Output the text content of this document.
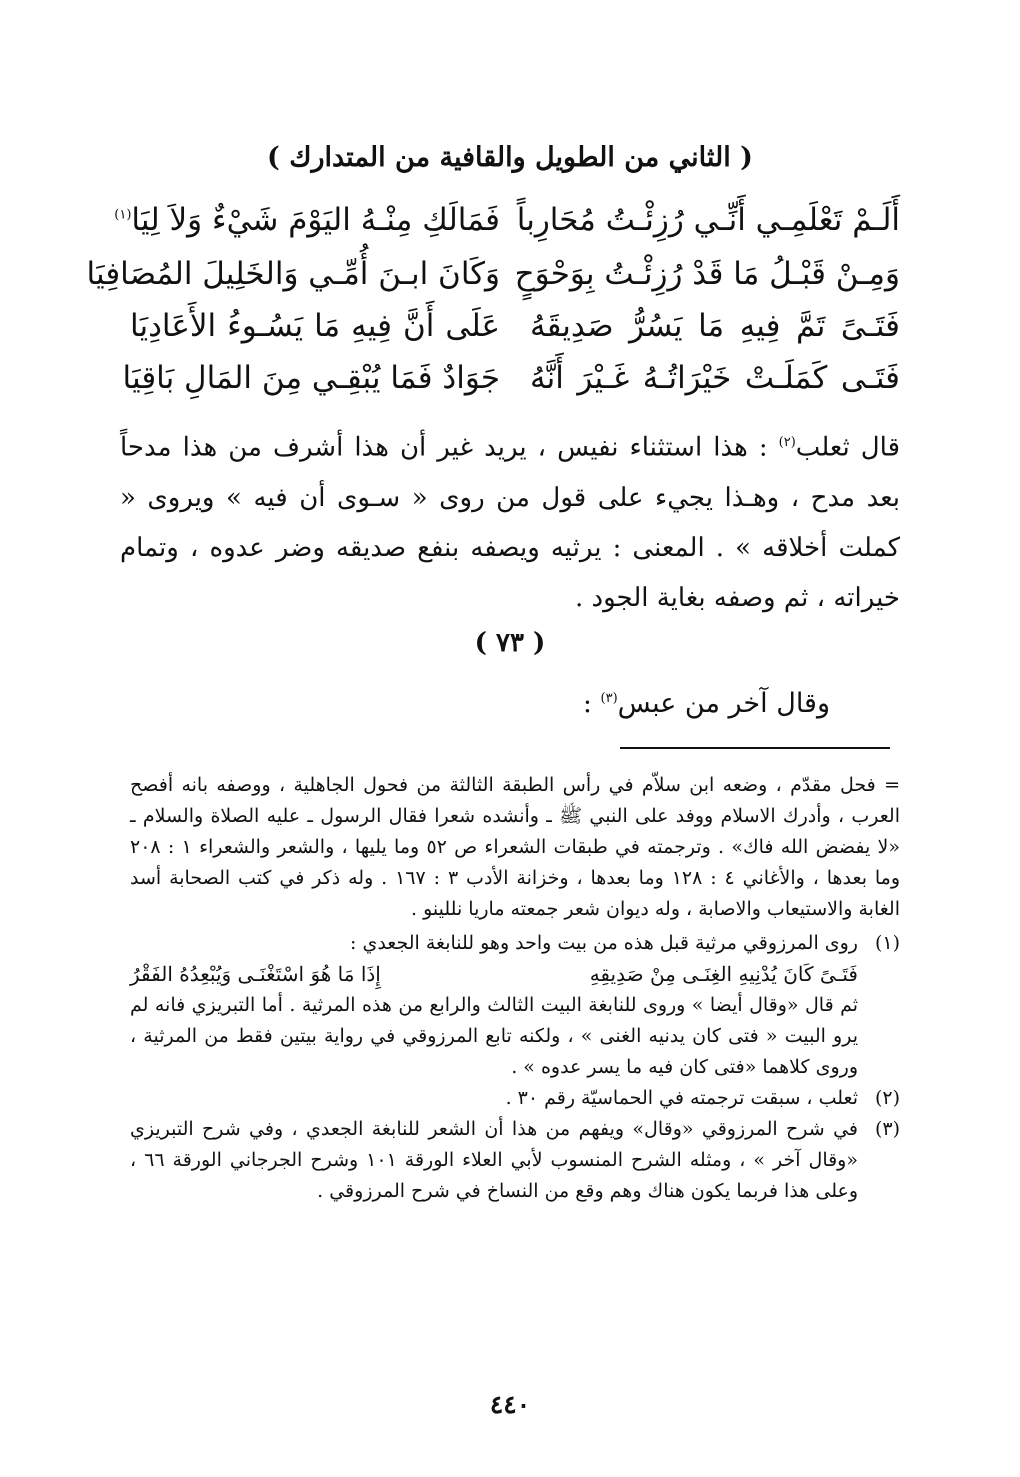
( الثاني من الطويل والقافية من المتدارك )
أَلَـمْ تَعْلَمِـي أَنِّـي رُزِئْـتُ مُحَارِباً
فَمَالَكِ مِنْـهُ اليَوْمَ شَيْءٌ وَلاَ لِيَا$^{(١)}$
وَمِـنْ قَبْـلُ مَا قَدْ رُزِئْـتُ بِوَحْوَحٍ
وَكَانَ ابـنَ أُمِّـي وَالخَلِيلَ المُصَافِيَا
فَتَـىً تَمَّ فِيهِ مَا يَسُرُّ صَدِيقَهُ
عَلَى أَنَّ فِيهِ مَا يَسُـوءُ الأَعَادِيَا
فَتَـى كَمَلَـتْ خَيْرَاتُـهُ غَـيْرَ أَنَّهُ
جَوَادٌ فَمَا يُبْقِـي مِنَ المَالِ بَاقِيَا
قال ثعلب$^{(٢)}$ : هذا استثناء نفيس ، يريد غير أن هذا أشرف من هذا مدحاً بعد مدح ، وهـذا يجيء على قول من روى « سـوى أن فيه » ويروى « كملت أخلاقه » . المعنى : يرثيه ويصفه بنفع صديقه وضر عدوه ، وتمام خيراته ، ثم وصفه بغاية الجود .
( ٧٣ )
وقال آخر من عبس$^{(٣)}$ :
= فحل مقدّم ، وضعه ابن سلاّم في رأس الطبقة الثالثة من فحول الجاهلية ، ووصفه بانه أفصح العرب ، وأدرك الاسلام ووفد على النبي ﷺ ـ وأنشده شعرا فقال الرسول ـ عليه الصلاة والسلام ـ «لا يفضض الله فاك» . وترجمته في طبقات الشعراء ص ٥٢ وما يليها ، والشعر والشعراء ١ : ٢٠٨ وما بعدها ، والأغاني ٤ : ١٢٨ وما بعدها ، وخزانة الأدب ٣ : ١٦٧ . وله ذكر في كتب الصحابة أسد الغابة والاستيعاب والاصابة ، وله ديوان شعر جمعته ماريا نللينو .
(١)
روى المرزوقي مرثية قبل هذه من بيت واحد وهو للنابغة الجعدي :
فَتَـىً كَانَ يُدْنِيهِ الغِنَـى مِنْ صَدِيقِهِ
إِذَا مَا هُوَ اسْتَغْنَـى وَيُبْعِدُهُ الفَقْرُ
ثم قال «وقال أيضا » وروى للنابغة البيت الثالث والرابع من هذه المرثية . أما التبريزي فانه لم يرو البيت « فتى كان يدنيه الغنى » ، ولكنه تابع المرزوقي في رواية بيتين فقط من المرثية ، وروى كلاهما «فتى كان فيه ما يسر عدوه » .
(٢)
ثعلب ، سبقت ترجمته في الحماسيّة رقم ٣٠ .
(٣)
في شرح المرزوقي «وقال» ويفهم من هذا أن الشعر للنابغة الجعدي ، وفي شرح التبريزي «وقال آخر » ، ومثله الشرح المنسوب لأبي العلاء الورقة ١٠١ وشرح الجرجاني الورقة ٦٦ ، وعلى هذا فربما يكون هناك وهم وقع من النساخ في شرح المرزوقي .
٤٤٠
